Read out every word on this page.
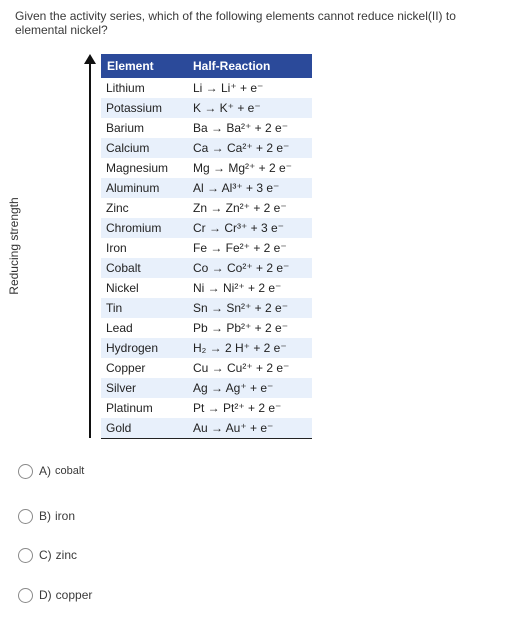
Given the activity series, which of the following elements cannot reduce nickel(II) to elemental nickel?
Reducing strength
Element	Half-Reaction
Lithium	Li → Li⁺ + e⁻
Potassium	K → K⁺ + e⁻
Barium	Ba → Ba²⁺ + 2 e⁻
Calcium	Ca → Ca²⁺ + 2 e⁻
Magnesium	Mg → Mg²⁺ + 2 e⁻
Aluminum	Al → Al³⁺ + 3 e⁻
Zinc	Zn → Zn²⁺ + 2 e⁻
Chromium	Cr → Cr³⁺ + 3 e⁻
Iron	Fe → Fe²⁺ + 2 e⁻
Cobalt	Co → Co²⁺ + 2 e⁻
Nickel	Ni → Ni²⁺ + 2 e⁻
Tin	Sn → Sn²⁺ + 2 e⁻
Lead	Pb → Pb²⁺ + 2 e⁻
Hydrogen	H₂ → 2 H⁺ + 2 e⁻
Copper	Cu → Cu²⁺ + 2 e⁻
Silver	Ag → Ag⁺ + e⁻
Platinum	Pt → Pt²⁺ + 2 e⁻
Gold	Au → Au⁺ + e⁻
A) cobalt
B) iron
C) zinc
D) copper
